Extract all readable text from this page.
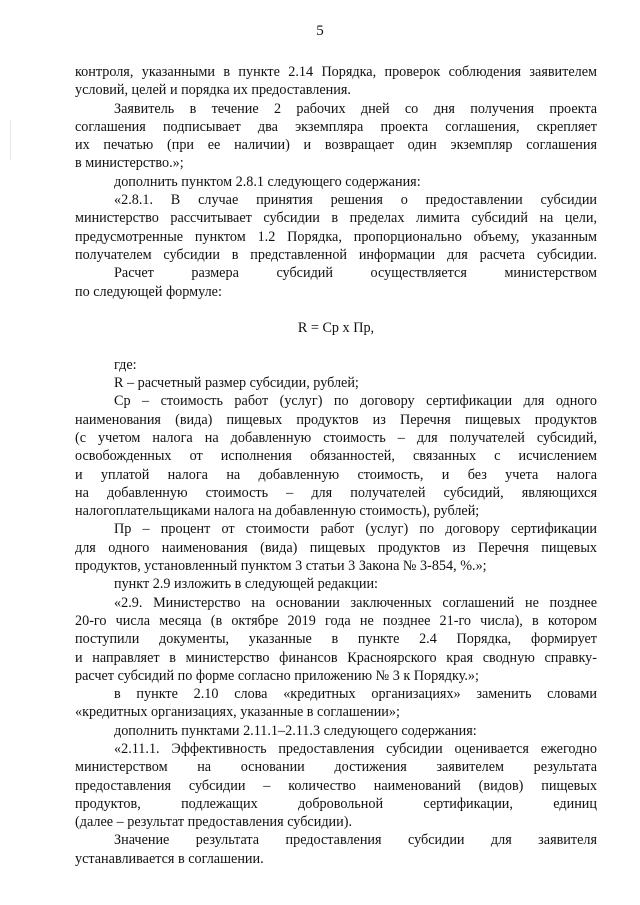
5
контроля, указанными в пункте 2.14 Порядка, проверок соблюдения заявителем
условий, целей и порядка их предоставления.
Заявитель в течение 2 рабочих дней со дня получения проекта
соглашения подписывает два экземпляра проекта соглашения, скрепляет
их печатью (при ее наличии) и возвращает один экземпляр соглашения
в министерство.»;
дополнить пунктом 2.8.1 следующего содержания:
«2.8.1. В случае принятия решения о предоставлении субсидии
министерство рассчитывает субсидии в пределах лимита субсидий на цели,
предусмотренные пунктом 1.2 Порядка, пропорционально объему, указанным
получателем субсидии в представленной информации для расчета субсидии.
Расчет размера субсидий осуществляется министерством
по следующей формуле:
R = Ср х Пр,
где:
R – расчетный размер субсидии, рублей;
Ср – стоимость работ (услуг) по договору сертификации для одного
наименования (вида) пищевых продуктов из Перечня пищевых продуктов
(с учетом налога на добавленную стоимость – для получателей субсидий,
освобожденных от исполнения обязанностей, связанных с исчислением
и уплатой налога на добавленную стоимость, и без учета налога
на добавленную стоимость – для получателей субсидий, являющихся
налогоплательщиками налога на добавленную стоимость), рублей;
Пр – процент от стоимости работ (услуг) по договору сертификации
для одного наименования (вида) пищевых продуктов из Перечня пищевых
продуктов, установленный пунктом 3 статьи 3 Закона № 3-854, %.»;
пункт 2.9 изложить в следующей редакции:
«2.9. Министерство на основании заключенных соглашений не позднее
20-го числа месяца (в октябре 2019 года не позднее 21-го числа), в котором
поступили документы, указанные в пункте 2.4 Порядка, формирует
и направляет в министерство финансов Красноярского края сводную справку-
расчет субсидий по форме согласно приложению № 3 к Порядку.»;
в пункте 2.10 слова «кредитных организациях» заменить словами
«кредитных организациях, указанные в соглашении»;
дополнить пунктами 2.11.1–2.11.3 следующего содержания:
«2.11.1. Эффективность предоставления субсидии оценивается ежегодно
министерством на основании достижения заявителем результата
предоставления субсидии – количество наименований (видов) пищевых
продуктов, подлежащих добровольной сертификации, единиц
(далее – результат предоставления субсидии).
Значение результата предоставления субсидии для заявителя
устанавливается в соглашении.
